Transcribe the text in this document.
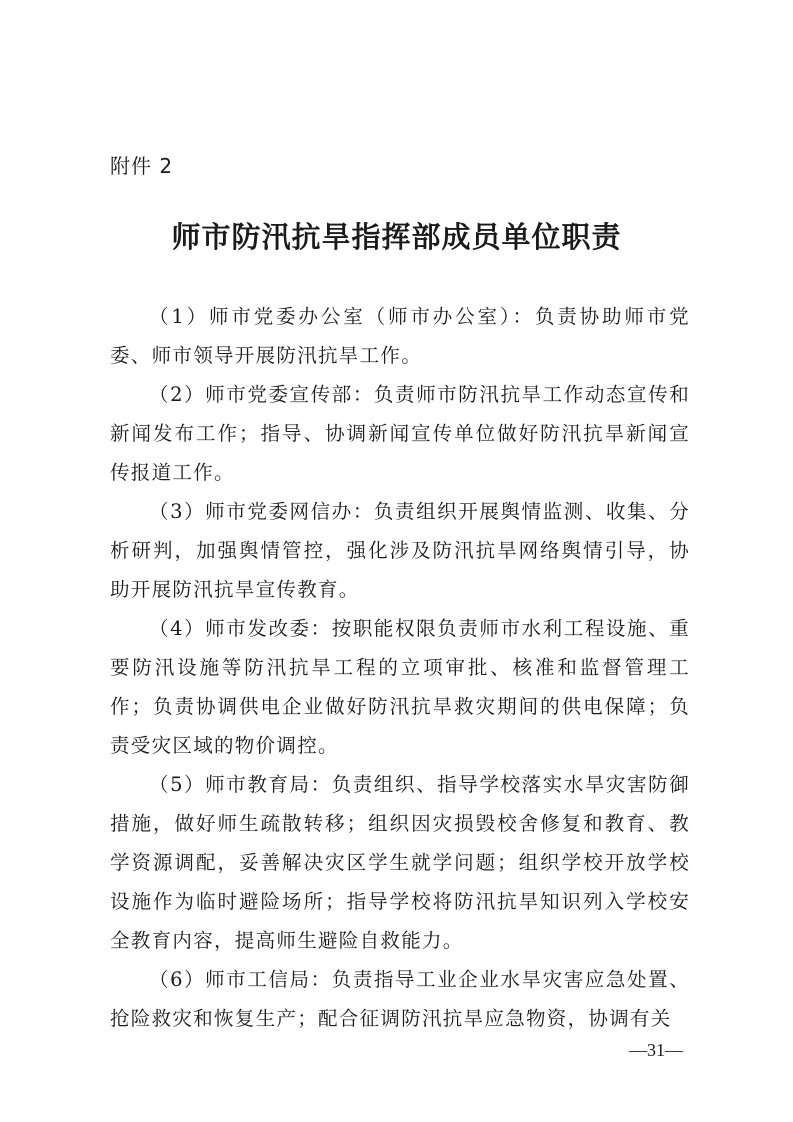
附件 2
师市防汛抗旱指挥部成员单位职责

（1）师市党委办公室（师市办公室）：负责协助师市党委、师市领导开展防汛抗旱工作。

（2）师市党委宣传部：负责师市防汛抗旱工作动态宣传和新闻发布工作；指导、协调新闻宣传单位做好防汛抗旱新闻宣传报道工作。

（3）师市党委网信办：负责组织开展舆情监测、收集、分析研判，加强舆情管控，强化涉及防汛抗旱网络舆情引导，协助开展防汛抗旱宣传教育。

（4）师市发改委：按职能权限负责师市水利工程设施、重要防汛设施等防汛抗旱工程的立项审批、核准和监督管理工作；负责协调供电企业做好防汛抗旱救灾期间的供电保障；负责受灾区域的物价调控。

（5）师市教育局：负责组织、指导学校落实水旱灾害防御措施，做好师生疏散转移；组织因灾损毁校舍修复和教育、教学资源调配，妥善解决灾区学生就学问题；组织学校开放学校设施作为临时避险场所；指导学校将防汛抗旱知识列入学校安全教育内容，提高师生避险自救能力。

（6）师市工信局：负责指导工业企业水旱灾害应急处置、抢险救灾和恢复生产；配合征调防汛抗旱应急物资，协调有关

—31—
